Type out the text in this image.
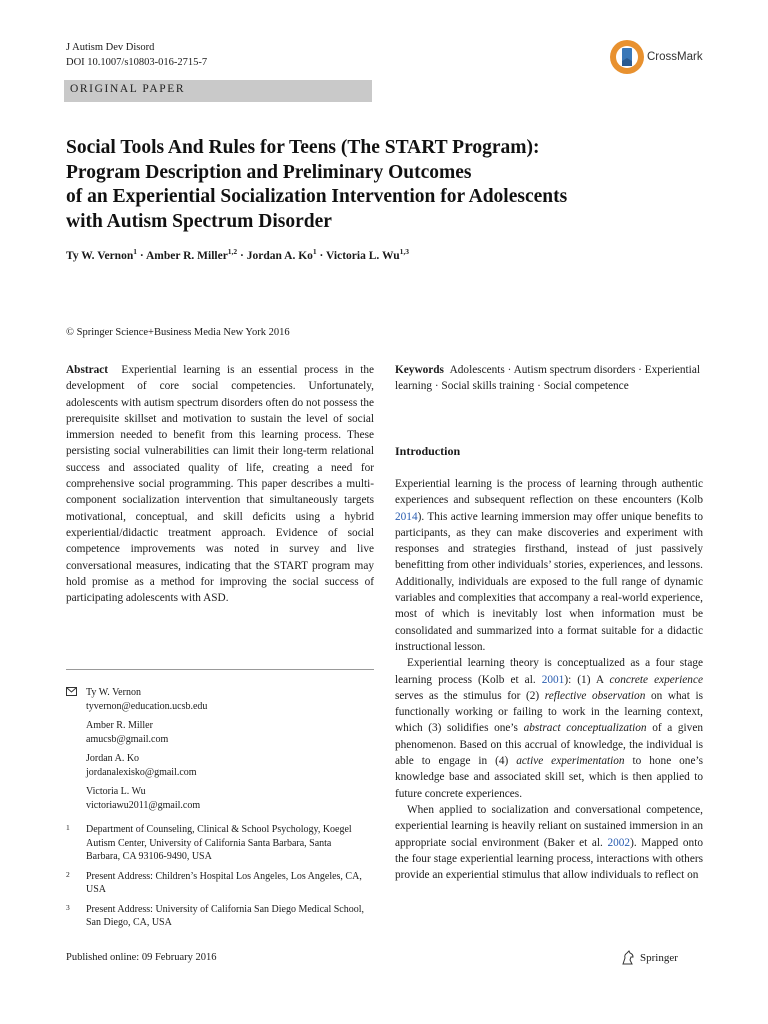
J Autism Dev Disord
DOI 10.1007/s10803-016-2715-7	CrossMark
ORIGINAL PAPER
Social Tools And Rules for Teens (The START Program):
Program Description and Preliminary Outcomes
of an Experiential Socialization Intervention for Adolescents
with Autism Spectrum Disorder
Ty W. Vernon$^1$ · Amber R. Miller$^{1,2}$ · Jordan A. $Ko^1$ · Victoria L. Wu$^{1,3}$
© Springer Science+Business Media New York 2016

Abstract Experiential learning is an essential process in the development of core social competencies. Unfortunately, adolescents with autism spectrum disorders often do not possess the prerequisite skillset and motivation to sustain the level of social immersion needed to benefit from this learning process. These persisting social vulnerabilities can limit their long-term relational success and associated quality of life, creating a need for comprehensive social programming. This paper describes a multi-component socialization intervention that simultaneously targets motivational, conceptual, and skill deficits using a hybrid experiential/didactic treatment approach. Evidence of social competence improvements was noted in survey and live conversational measures, indicating that the START program may hold promise as a method for improving the social success of participating adolescents with ASD.

Keywords Adolescents · Autism spectrum disorders · Experiential learning · Social skills training · Social competence

Introduction

Experiential learning is the process of learning through authentic experiences and subsequent reflection on these encounters (Kolb 2014). This active learning immersion may offer unique benefits to participants, as they can make discoveries and experiment with responses and strategies firsthand, instead of just passively benefitting from other individuals’ stories, experiences, and lessons. Additionally, individuals are exposed to the full range of dynamic variables and complexities that accompany a real-world experience, most of which is inevitably lost when information must be consolidated and summarized into a format suitable for a didactic instructional lesson.

Experiential learning theory is conceptualized as a four stage learning process (Kolb et al. 2001): (1) A concrete experience serves as the stimulus for (2) reflective observation on what is functionally working or failing to work in the learning context, which (3) solidifies one’s abstract conceptualization of a given phenomenon. Based on this accrual of knowledge, the individual is able to engage in (4) active experimentation to hone one’s knowledge base and associated skill set, which is then applied to future concrete experiences.

When applied to socialization and conversational competence, experiential learning is heavily reliant on sustained immersion in an appropriate social environment (Baker et al. 2002). Mapped onto the four stage experiential learning process, interactions with others provide an experiential stimulus that allow individuals to reflect on

Ty W. Vernon
tyvernon@education.ucsb.edu
Amber R. Miller
amucsb@gmail.com
Jordan A. Ko
jordanalexisko@gmail.com
Victoria L. Wu
victoriawu2011@gmail.com
1 Department of Counseling, Clinical & School Psychology, Koegel Autism Center, University of California Santa Barbara, Santa Barbara, CA 93106-9490, USA
2 Present Address: Children’s Hospital Los Angeles, Los Angeles, CA, USA
3 Present Address: University of California San Diego Medical School, San Diego, CA, USA
Published online: 09 February 2016	Springer
